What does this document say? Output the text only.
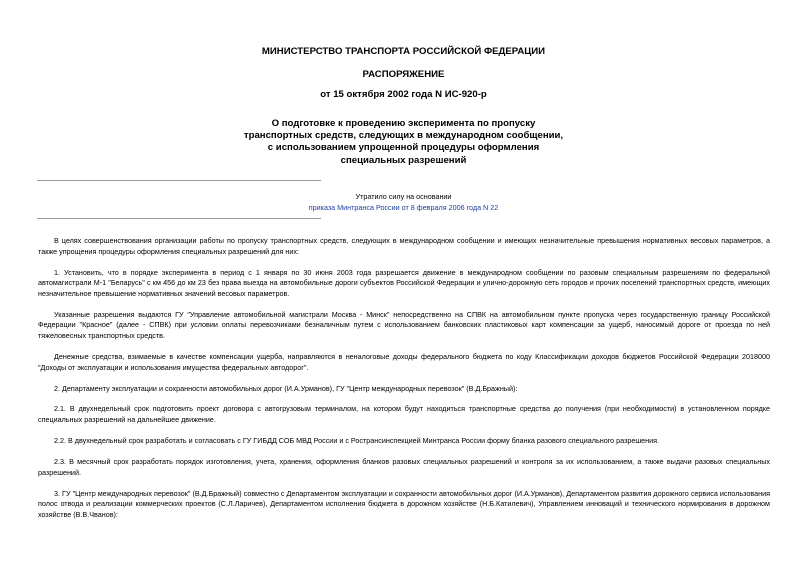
МИНИСТЕРСТВО ТРАНСПОРТА РОССИЙСКОЙ ФЕДЕРАЦИИ
РАСПОРЯЖЕНИЕ
от 15 октября 2002 года N ИС-920-р
О подготовке к проведению эксперимента по пропуску
транспортных средств, следующих в международном сообщении,
с использованием упрощенной процедуры оформления
специальных разрешений
Утратило силу на основании
приказа Минтранса России от 8 февраля 2006 года N 22

В целях совершенствования организации работы по пропуску транспортных средств, следующих в международном сообщении и имеющих незначительные превышения нормативных весовых параметров, а также упрощения процедуры оформления специальных разрешений для них:

1. Установить, что в порядке эксперимента в период с 1 января по 30 июня 2003 года разрешается движение в международном сообщении по разовым специальным разрешениям по федеральной автомагистрали М-1 "Беларусь" с км 456 до км 23 без права выезда на автомобильные дороги субъектов Российской Федерации и улично-дорожную сеть городов и прочих поселений транспортных средств, имеющих незначительное превышение нормативных значений весовых параметров.

Указанные разрешения выдаются ГУ "Управление автомобильной магистрали Москва - Минск" непосредственно на СПВК на автомобильном пункте пропуска через государственную границу Российской Федерации "Красное" (далее - СПВК) при условии оплаты перевозчиками безналичным путем с использованием банковских пластиковых карт компенсации за ущерб, наносимый дороге от проезда по ней тяжеловесных транспортных средств.

Денежные средства, взимаемые в качестве компенсации ущерба, направляются в неналоговые доходы федерального бюджета по коду Классификации доходов бюджетов Российской Федерации 2018000 "Доходы от эксплуатации и использования имущества федеральных автодорог".

2. Департаменту эксплуатации и сохранности автомобильных дорог (И.А.Урманов), ГУ "Центр международных перевозок" (В.Д.Бражный):

2.1. В двухнедельный срок подготовить проект договора с автогрузовым терминалом, на котором будут находиться транспортные средства до получения (при необходимости) в установленном порядке специальных разрешений на дальнейшее движение.

2.2. В двухнедельный срок разработать и согласовать с ГУ ГИБДД СОБ МВД России и с Ространсинспекцией Минтранса России форму бланка разового специального разрешения.

2.3. В месячный срок разработать порядок изготовления, учета, хранения, оформления бланков разовых специальных разрешений и контроля за их использованием, а также выдачи разовых специальных разрешений.

3. ГУ "Центр международных перевозок" (В.Д.Бражный) совместно с Департаментом эксплуатации и сохранности автомобильных дорог (И.А.Урманов), Департаментом развития дорожного сервиса использования полос отвода и реализации коммерческих проектов (С.Л.Ларичев), Департаментом исполнения бюджета в дорожном хозяйстве (Н.Б.Катилевич), Управлением инноваций и технического нормирования в дорожном хозяйстве (В.В.Чванов):
